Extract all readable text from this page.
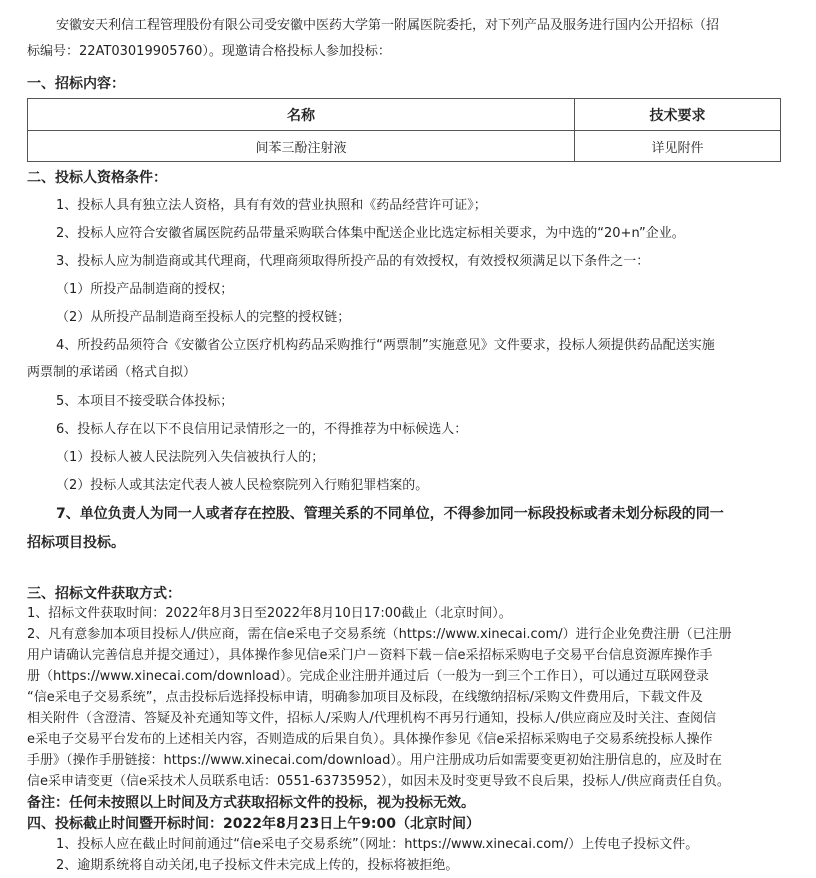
安徽安天利信工程管理股份有限公司受安徽中医药大学第一附属医院委托，对下列产品及服务进行国内公开招标（招
标编号：22AT03019905760）。现邀请合格投标人参加投标：
一、招标内容：
名称	技术要求
间苯三酚注射液	详见附件
二、投标人资格条件：
1、投标人具有独立法人资格，具有有效的营业执照和《药品经营许可证》；
2、投标人应符合安徽省属医院药品带量采购联合体集中配送企业比选定标相关要求，为中选的“20+n”企业。
3、投标人应为制造商或其代理商，代理商须取得所投产品的有效授权，有效授权须满足以下条件之一：
（1）所投产品制造商的授权；
（2）从所投产品制造商至投标人的完整的授权链；
4、所投药品须符合《安徽省公立医疗机构药品采购推行“两票制”实施意见》文件要求，投标人须提供药品配送实施
两票制的承诺函（格式自拟）
5、本项目不接受联合体投标；
6、投标人存在以下不良信用记录情形之一的，不得推荐为中标候选人：
（1）投标人被人民法院列入失信被执行人的；
（2）投标人或其法定代表人被人民检察院列入行贿犯罪档案的。
7、单位负责人为同一人或者存在控股、管理关系的不同单位，不得参加同一标段投标或者未划分标段的同一
招标项目投标。
三、招标文件获取方式：
1、招标文件获取时间：2022年8月3日至2022年8月10日17:00截止（北京时间）。
2、凡有意参加本项目投标人/供应商，需在信e采电子交易系统（https://www.xinecai.com/）进行企业免费注册（已注册
用户请确认完善信息并提交通过），具体操作参见信e采门户－资料下载－信e采招标采购电子交易平台信息资源库操作手
册（https://www.xinecai.com/download）。完成企业注册并通过后（一般为一到三个工作日），可以通过互联网登录
“信e采电子交易系统”，点击投标后选择投标申请，明确参加项目及标段，在线缴纳招标/采购文件费用后，下载文件及
相关附件（含澄清、答疑及补充通知等文件，招标人/采购人/代理机构不再另行通知，投标人/供应商应及时关注、查阅信
e采电子交易平台发布的上述相关内容，否则造成的后果自负）。具体操作参见《信e采招标采购电子交易系统投标人操作
手册》（操作手册链接：https://www.xinecai.com/download）。用户注册成功后如需要变更初始注册信息的，应及时在
信e采申请变更（信e采技术人员联系电话：0551-63735952），如因未及时变更导致不良后果，投标人/供应商责任自负。
备注：任何未按照以上时间及方式获取招标文件的投标，视为投标无效。
四、投标截止时间暨开标时间：2022年8月23日上午9:00（北京时间）
1、投标人应在截止时间前通过“信e采电子交易系统”（网址：https://www.xinecai.com/）上传电子投标文件。
2、逾期系统将自动关闭,电子投标文件未完成上传的，投标将被拒绝。
